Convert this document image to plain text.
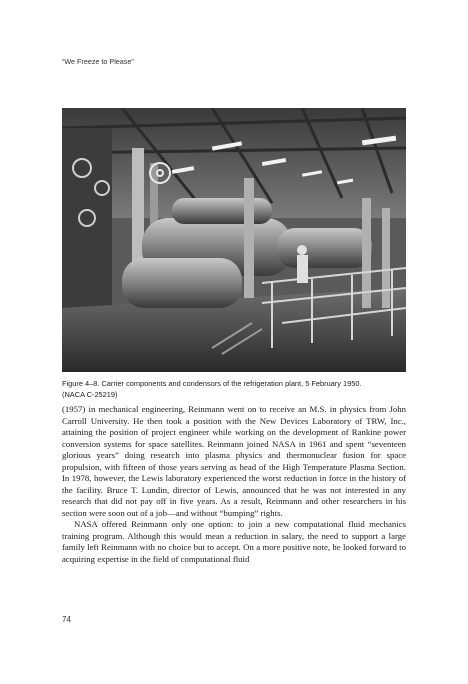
“We Freeze to Please”
Figure 4–8. Carrier components and condensors of the refrigeration plant, 5 February 1950.
(NACA C-25219)

(1957) in mechanical engineering, Reinmann went on to receive an M.S. in physics from John Carroll University. He then took a position with the New Devices Laboratory of TRW, Inc., attaining the position of project engineer while working on the development of Rankine power conversion systems for space satellites. Reinmann joined NASA in 1961 and spent “seventeen glorious years” doing research into plasma physics and thermonuclear fusion for space propulsion, with fifteen of those years serving as head of the High Temperature Plasma Section. In 1978, however, the Lewis laboratory experienced the worst reduction in force in the history of the facility. Bruce T. Lundin, director of Lewis, announced that he was not interested in any research that did not pay off in five years. As a result, Reinmann and other researchers in his section were soon out of a job—and without “bumping” rights.

NASA offered Reinmann only one option: to join a new computational fluid mechanics training program. Although this would mean a reduction in salary, the need to support a large family left Reinmann with no choice but to accept. On a more positive note, he looked forward to acquiring expertise in the field of computational fluid

74
